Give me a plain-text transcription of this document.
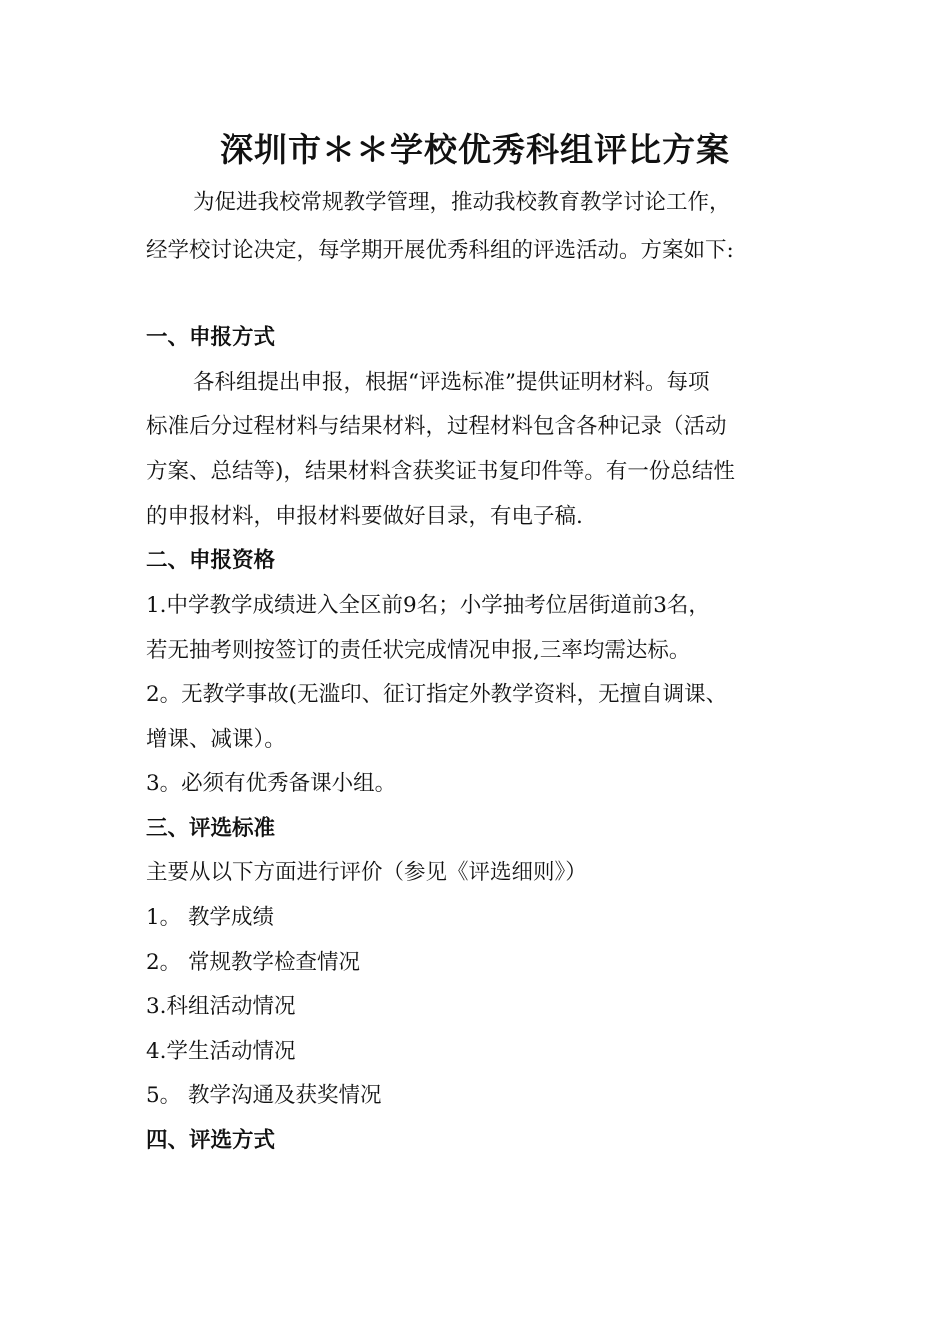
深圳市＊＊学校优秀科组评比方案
为促进我校常规教学管理，推动我校教育教学讨论工作，
经学校讨论决定，每学期开展优秀科组的评选活动。方案如下:
一、申报方式
各科组提出申报，根据“评选标准”提供证明材料。每项
标准后分过程材料与结果材料，过程材料包含各种记录（活动
方案、总结等)，结果材料含获奖证书复印件等。有一份总结性
的申报材料，申报材料要做好目录，有电子稿.
二、申报资格
1.中学教学成绩进入全区前9名；小学抽考位居街道前3名，
若无抽考则按签订的责任状完成情况申报,三率均需达标。
2。无教学事故(无滥印、征订指定外教学资料，无擅自调课、
增课、减课）。
3。必须有优秀备课小组。
三、评选标准
主要从以下方面进行评价（参见《评选细则》）
1。 教学成绩
2。 常规教学检查情况
3.科组活动情况
4.学生活动情况
5。 教学沟通及获奖情况
四、评选方式
